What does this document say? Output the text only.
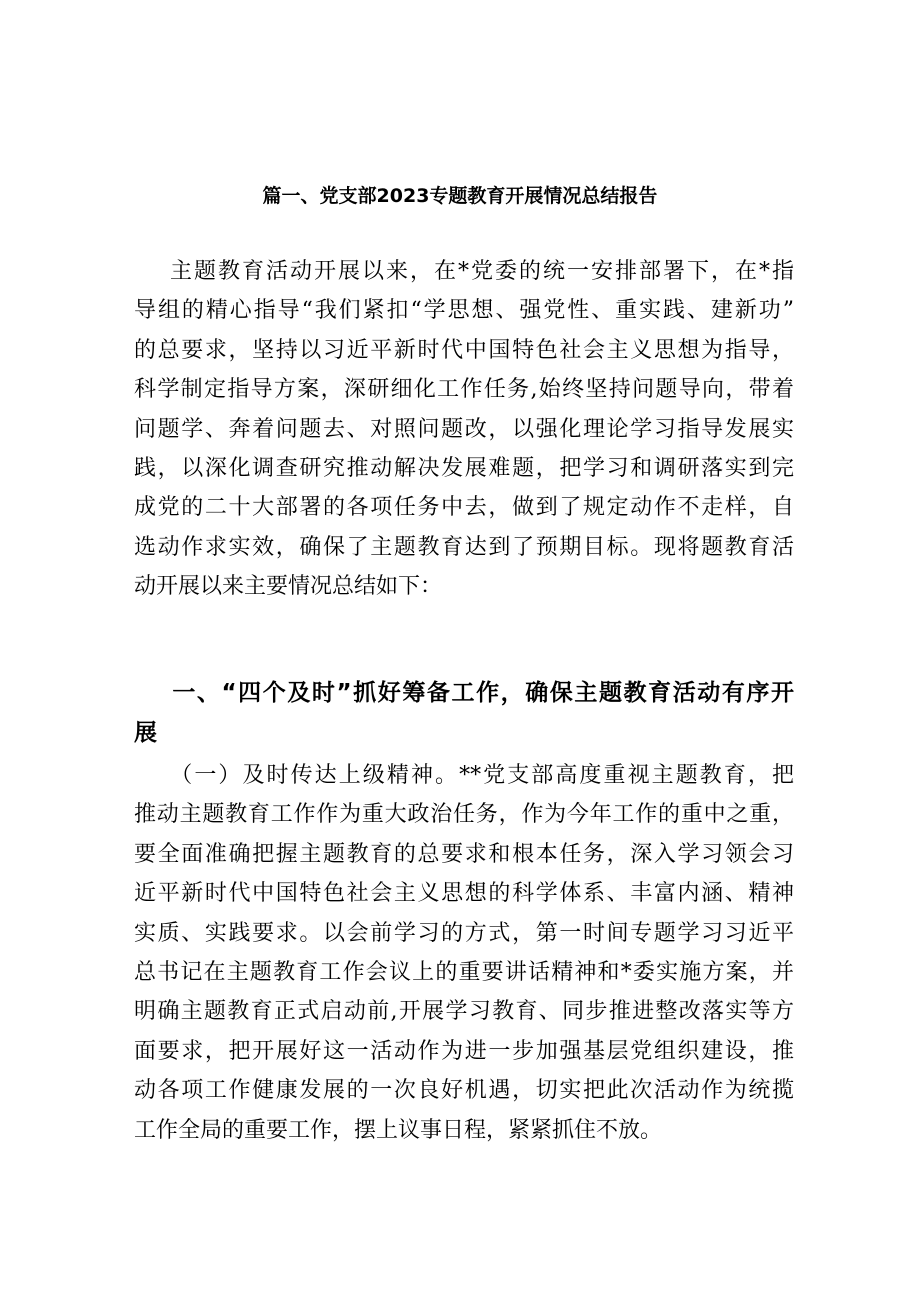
篇一、党支部2023专题教育开展情况总结报告
主题教育活动开展以来，在*党委的统一安排部署下，在*指
导组的精心指导“我们紧扣“学思想、强党性、重实践、建新功”
的总要求，坚持以习近平新时代中国特色社会主义思想为指导，
科学制定指导方案，深研细化工作任务,始终坚持问题导向，带着
问题学、奔着问题去、对照问题改，以强化理论学习指导发展实
践，以深化调查研究推动解决发展难题，把学习和调研落实到完
成党的二十大部署的各项任务中去，做到了规定动作不走样，自
选动作求实效，确保了主题教育达到了预期目标。现将题教育活
动开展以来主要情况总结如下：
一、“四个及时”抓好筹备工作，确保主题教育活动有序开
展
（一）及时传达上级精神。**党支部高度重视主题教育，把
推动主题教育工作作为重大政治任务，作为今年工作的重中之重，
要全面准确把握主题教育的总要求和根本任务，深入学习领会习
近平新时代中国特色社会主义思想的科学体系、丰富内涵、精神
实质、实践要求。以会前学习的方式，第一时间专题学习习近平
总书记在主题教育工作会议上的重要讲话精神和*委实施方案，并
明确主题教育正式启动前,开展学习教育、同步推进整改落实等方
面要求，把开展好这一活动作为进一步加强基层党组织建设，推
动各项工作健康发展的一次良好机遇，切实把此次活动作为统揽
工作全局的重要工作，摆上议事日程，紧紧抓住不放。
